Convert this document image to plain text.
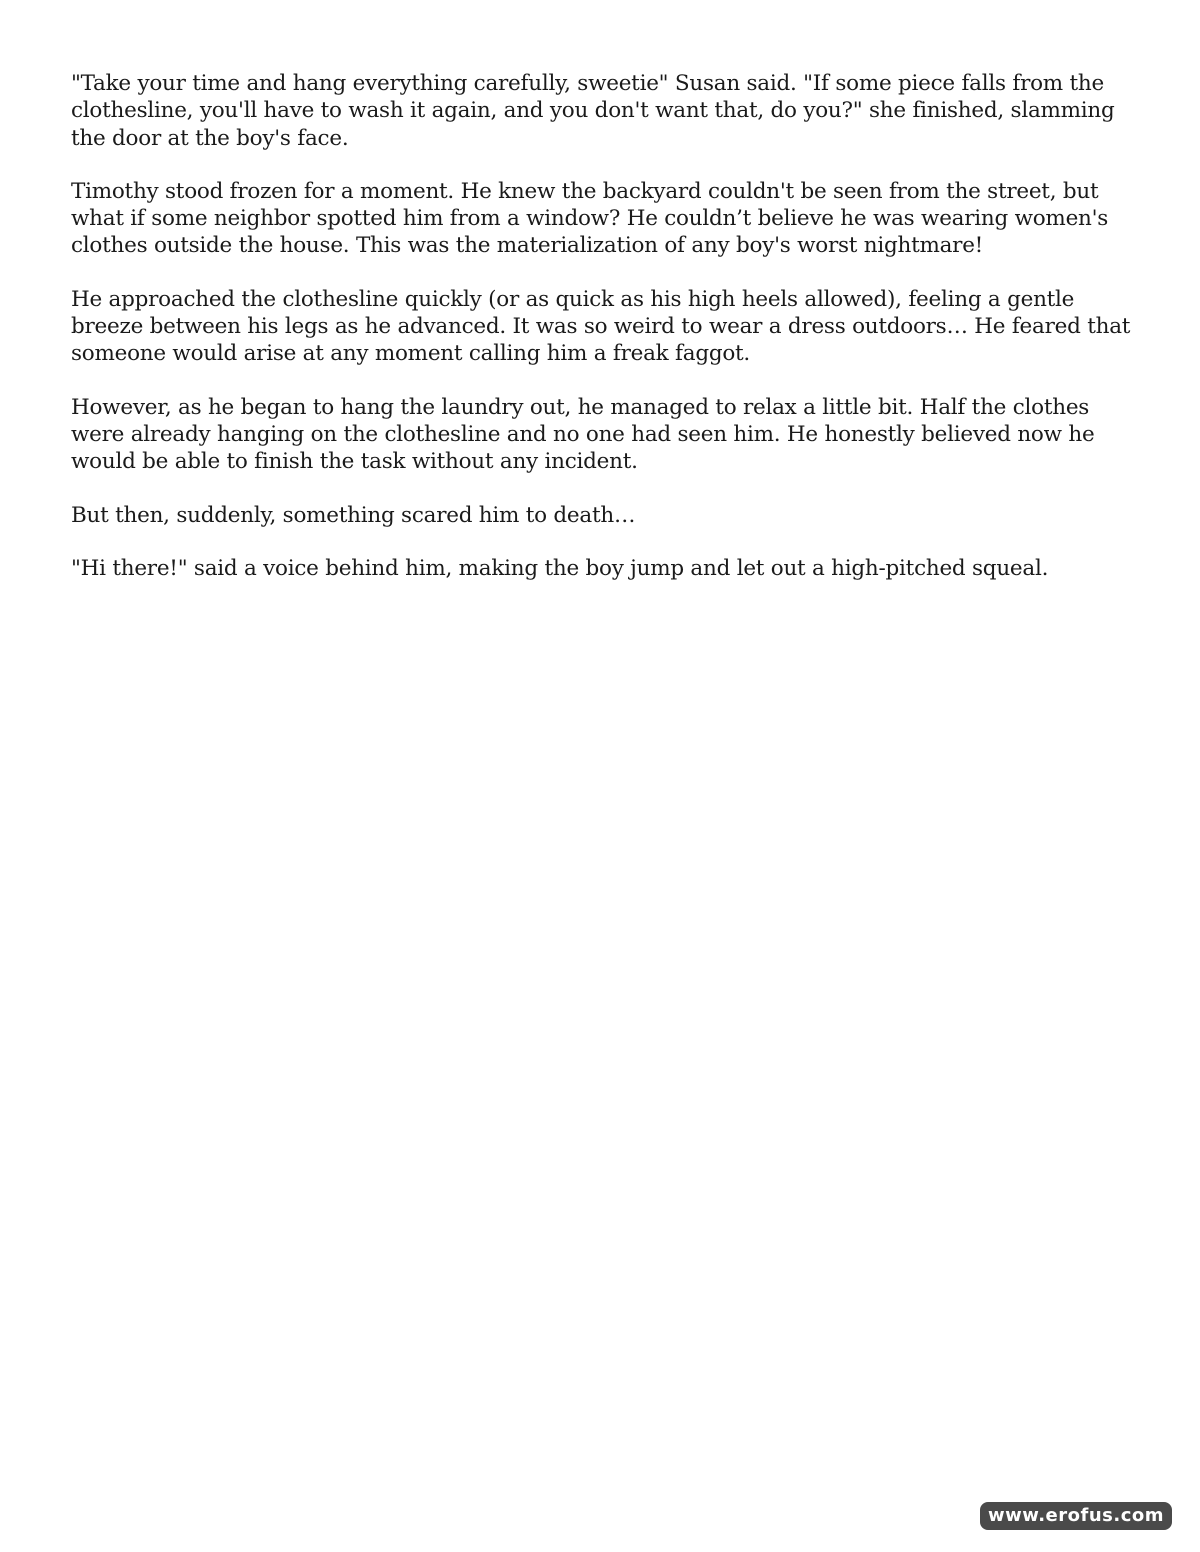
"Take your time and hang everything carefully, sweetie" Susan said. "If some piece falls from the clothesline, you'll have to wash it again, and you don't want that, do you?" she finished, slamming the door at the boy's face.

Timothy stood frozen for a moment. He knew the backyard couldn't be seen from the street, but what if some neighbor spotted him from a window? He couldn’t believe he was wearing women's clothes outside the house. This was the materialization of any boy's worst nightmare!

He approached the clothesline quickly (or as quick as his high heels allowed), feeling a gentle breeze between his legs as he advanced. It was so weird to wear a dress outdoors… He feared that someone would arise at any moment calling him a freak faggot.

However, as he began to hang the laundry out, he managed to relax a little bit. Half the clothes were already hanging on the clothesline and no one had seen him. He honestly believed now he would be able to finish the task without any incident.

But then, suddenly, something scared him to death…

"Hi there!" said a voice behind him, making the boy jump and let out a high-pitched squeal.

www.erofus.com
